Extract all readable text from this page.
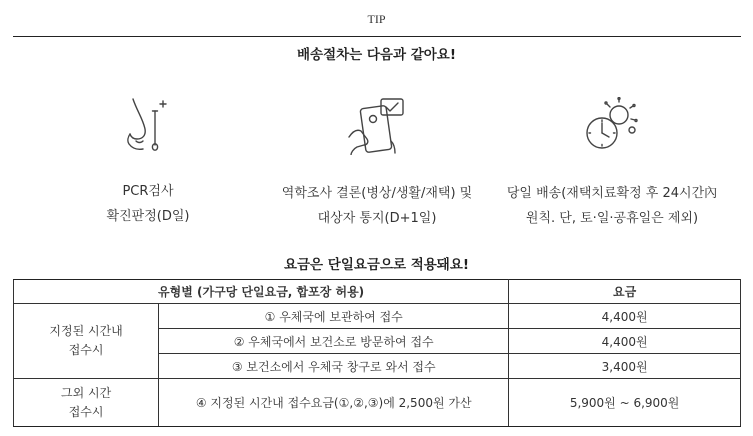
TIP
배송절차는 다음과 같아요!
PCR검사
확진판정(D일)
역학조사 결론(병상/생활/재택) 및
대상자 통지(D+1일)
당일 배송(재택치료확정 후 24시간內
원칙. 단, 토·일·공휴일은 제외)
요금은 단일요금으로 적용돼요!
유형별 (가구당 단일요금, 합포장 허용)		요금

지정된 시간내
접수시	① 우체국에 보관하여 접수	4,400원
	② 우체국에서 보건소로 방문하여 접수	4,400원
	③ 보건소에서 우체국 창구로 와서 접수	3,400원

그외 시간
접수시	④ 지정된 시간내 접수요금(①,②,③)에 2,500원 가산	5,900원 ~ 6,900원
